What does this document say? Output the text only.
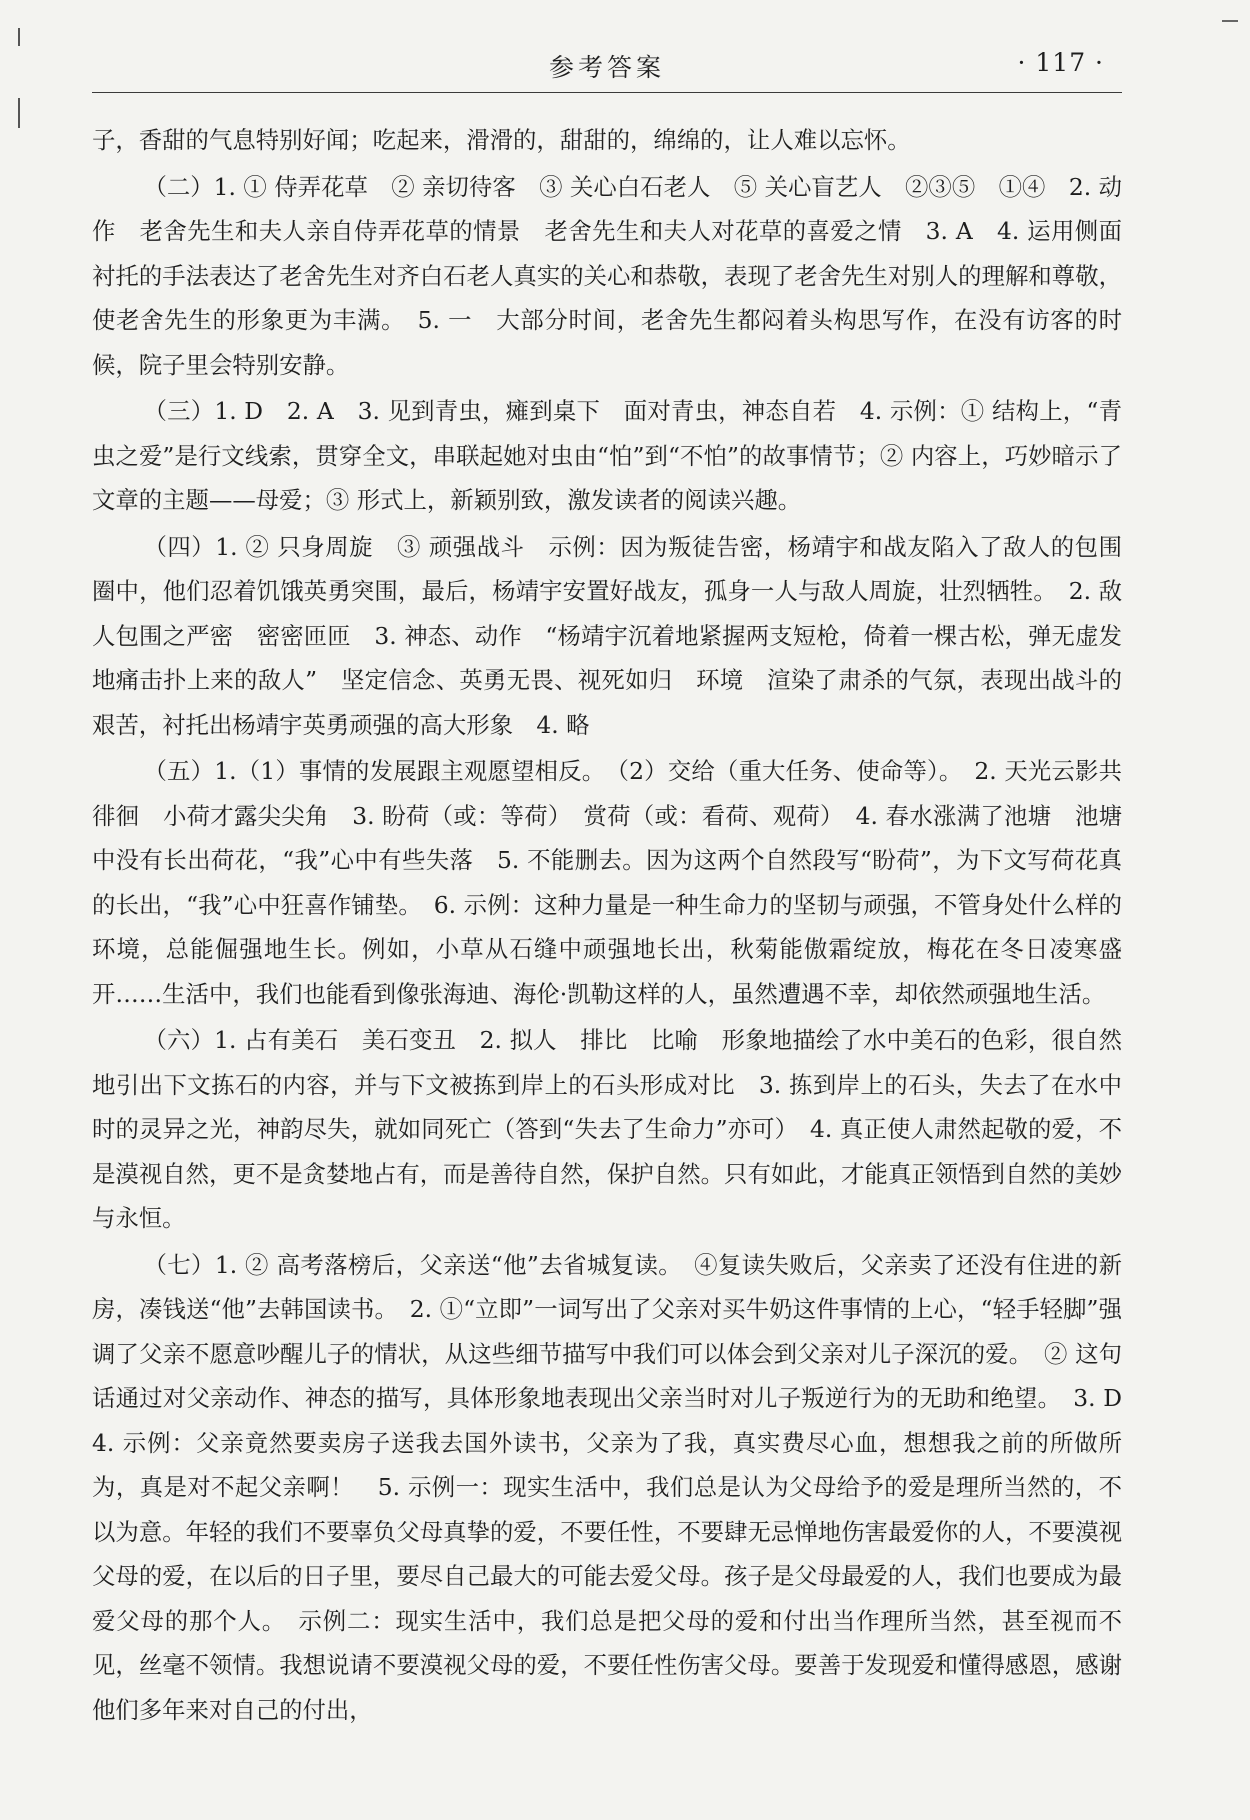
参考答案	· 117 ·

子，香甜的气息特别好闻；吃起来，滑滑的，甜甜的，绵绵的，让人难以忘怀。

（二）1. ① 侍弄花草　② 亲切待客　③ 关心白石老人　⑤ 关心盲艺人　②③⑤　①④　2. 动作　老舍先生和夫人亲自侍弄花草的情景　老舍先生和夫人对花草的喜爱之情　3. A　4. 运用侧面衬托的手法表达了老舍先生对齐白石老人真实的关心和恭敬，表现了老舍先生对别人的理解和尊敬，使老舍先生的形象更为丰满。　5. 一　大部分时间，老舍先生都闷着头构思写作，在没有访客的时候，院子里会特别安静。

（三）1. D　2. A　3. 见到青虫，瘫到桌下　面对青虫，神态自若　4. 示例：① 结构上，“青虫之爱”是行文线索，贯穿全文，串联起她对虫由“怕”到“不怕”的故事情节；② 内容上，巧妙暗示了文章的主题——母爱；③ 形式上，新颖别致，激发读者的阅读兴趣。

（四）1. ② 只身周旋　③ 顽强战斗　示例：因为叛徒告密，杨靖宇和战友陷入了敌人的包围圈中，他们忍着饥饿英勇突围，最后，杨靖宇安置好战友，孤身一人与敌人周旋，壮烈牺牲。　2. 敌人包围之严密　密密匝匝　3. 神态、动作　“杨靖宇沉着地紧握两支短枪，倚着一棵古松，弹无虚发地痛击扑上来的敌人”　坚定信念、英勇无畏、视死如归　环境　渲染了肃杀的气氛，表现出战斗的艰苦，衬托出杨靖宇英勇顽强的高大形象　4. 略

（五）1.（1）事情的发展跟主观愿望相反。　（2）交给（重大任务、使命等）。　2. 天光云影共徘徊　小荷才露尖尖角　3. 盼荷（或：等荷）　赏荷（或：看荷、观荷）　4. 春水涨满了池塘　池塘中没有长出荷花，“我”心中有些失落　5. 不能删去。因为这两个自然段写“盼荷”，为下文写荷花真的长出，“我”心中狂喜作铺垫。　6. 示例：这种力量是一种生命力的坚韧与顽强，不管身处什么样的环境，总能倔强地生长。例如，小草从石缝中顽强地长出，秋菊能傲霜绽放，梅花在冬日凌寒盛开……生活中，我们也能看到像张海迪、海伦·凯勒这样的人，虽然遭遇不幸，却依然顽强地生活。

（六）1. 占有美石　美石变丑　2. 拟人　排比　比喻　形象地描绘了水中美石的色彩，很自然地引出下文拣石的内容，并与下文被拣到岸上的石头形成对比　3. 拣到岸上的石头，失去了在水中时的灵异之光，神韵尽失，就如同死亡（答到“失去了生命力”亦可）　4. 真正使人肃然起敬的爱，不是漠视自然，更不是贪婪地占有，而是善待自然，保护自然。只有如此，才能真正领悟到自然的美妙与永恒。

（七）1. ② 高考落榜后，父亲送“他”去省城复读。　④复读失败后，父亲卖了还没有住进的新房，凑钱送“他”去韩国读书。　2. ①“立即”一词写出了父亲对买牛奶这件事情的上心，“轻手轻脚”强调了父亲不愿意吵醒儿子的情状，从这些细节描写中我们可以体会到父亲对儿子深沉的爱。　② 这句话通过对父亲动作、神态的描写，具体形象地表现出父亲当时对儿子叛逆行为的无助和绝望。　3. D　4. 示例：父亲竟然要卖房子送我去国外读书，父亲为了我，真实费尽心血，想想我之前的所做所为，真是对不起父亲啊！　5. 示例一：现实生活中，我们总是认为父母给予的爱是理所当然的，不以为意。年轻的我们不要辜负父母真挚的爱，不要任性，不要肆无忌惮地伤害最爱你的人，不要漠视父母的爱，在以后的日子里，要尽自己最大的可能去爱父母。孩子是父母最爱的人，我们也要成为最爱父母的那个人。　示例二：现实生活中，我们总是把父母的爱和付出当作理所当然，甚至视而不见，丝毫不领情。我想说请不要漠视父母的爱，不要任性伤害父母。要善于发现爱和懂得感恩，感谢他们多年来对自己的付出，
